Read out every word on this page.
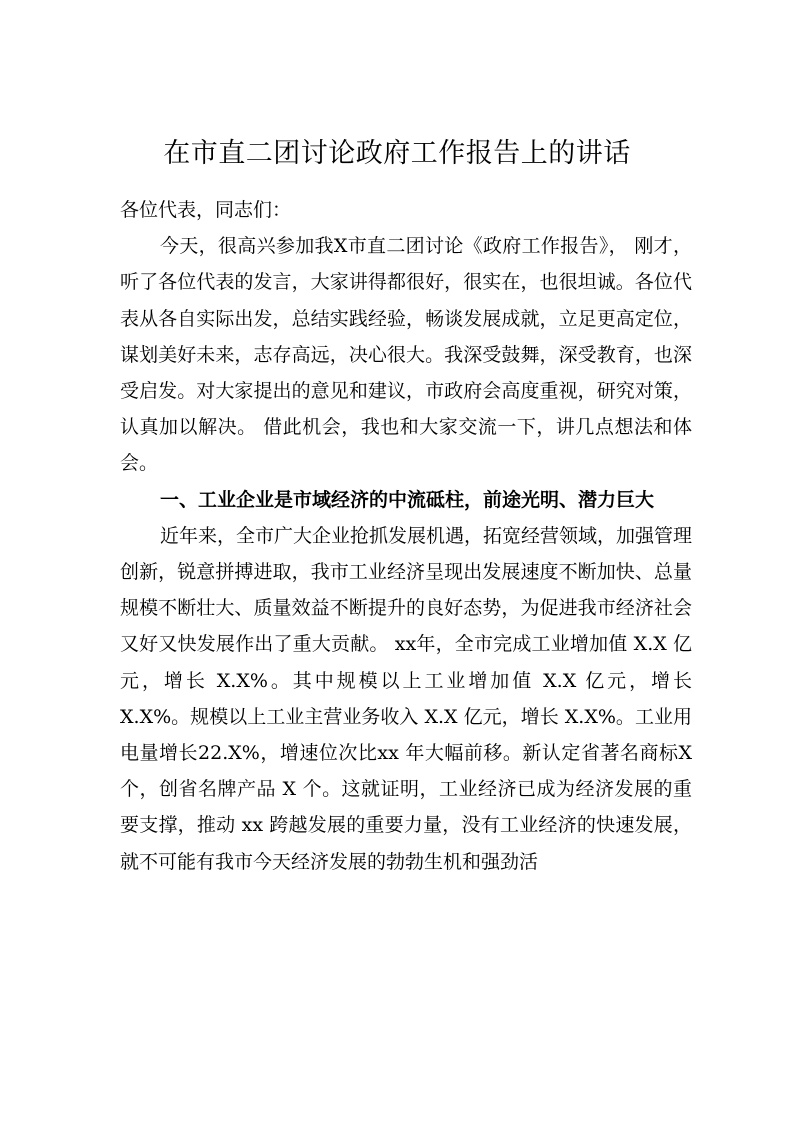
在市直二团讨论政府工作报告上的讲话

各位代表，同志们：

今天，很高兴参加我X市直二团讨论《政府工作报告》， 刚才，听了各位代表的发言，大家讲得都很好，很实在，也很坦诚。各位代表从各自实际出发，总结实践经验，畅谈发展成就，立足更高定位，谋划美好未来，志存高远，决心很大。我深受鼓舞，深受教育，也深受启发。对大家提出的意见和建议，市政府会高度重视，研究对策，认真加以解决。 借此机会，我也和大家交流一下，讲几点想法和体会。

一、工业企业是市域经济的中流砥柱，前途光明、潜力巨大

近年来，全市广大企业抢抓发展机遇，拓宽经营领域，加强管理创新，锐意拼搏进取，我市工业经济呈现出发展速度不断加快、总量规模不断壮大、质量效益不断提升的良好态势，为促进我市经济社会又好又快发展作出了重大贡献。 xx年，全市完成工业增加值 X.X 亿元，增长 X.X%。其中规模以上工业增加值 X.X 亿元，增长 X.X%。规模以上工业主营业务收入 X.X 亿元，增长 X.X%。工业用电量增长22.X%，增速位次比xx 年大幅前移。新认定省著名商标X 个，创省名牌产品 X 个。这就证明，工业经济已成为经济发展的重要支撑，推动 xx 跨越发展的重要力量，没有工业经济的快速发展，就不可能有我市今天经济发展的勃勃生机和强劲活
